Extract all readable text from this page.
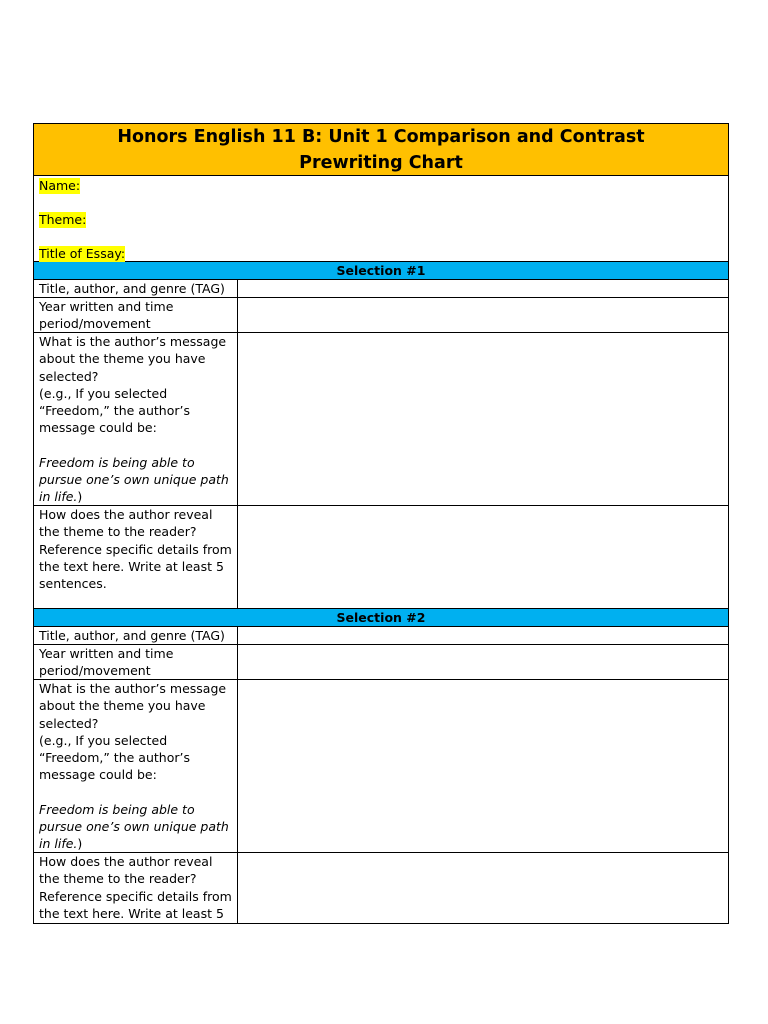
Honors English 11 B: Unit 1 Comparison and Contrast
Prewriting Chart
Name:
Theme:
Title of Essay:
Selection #1
Title, author, and genre (TAG)

Year written and time

period/movement

What is the author’s message about the theme you have selected?

(e.g., If you selected “Freedom,” the author’s message could be:

Freedom is being able to pursue one’s own unique path in life.)

How does the author reveal the theme to the reader? Reference specific details from the text here. Write at least 5 sentences.
Selection #2
Title, author, and genre (TAG)

Year written and time

period/movement

What is the author’s message about the theme you have selected?

(e.g., If you selected “Freedom,” the author’s message could be:

Freedom is being able to pursue one’s own unique path in life.)

How does the author reveal the theme to the reader? Reference specific details from the text here. Write at least 5
